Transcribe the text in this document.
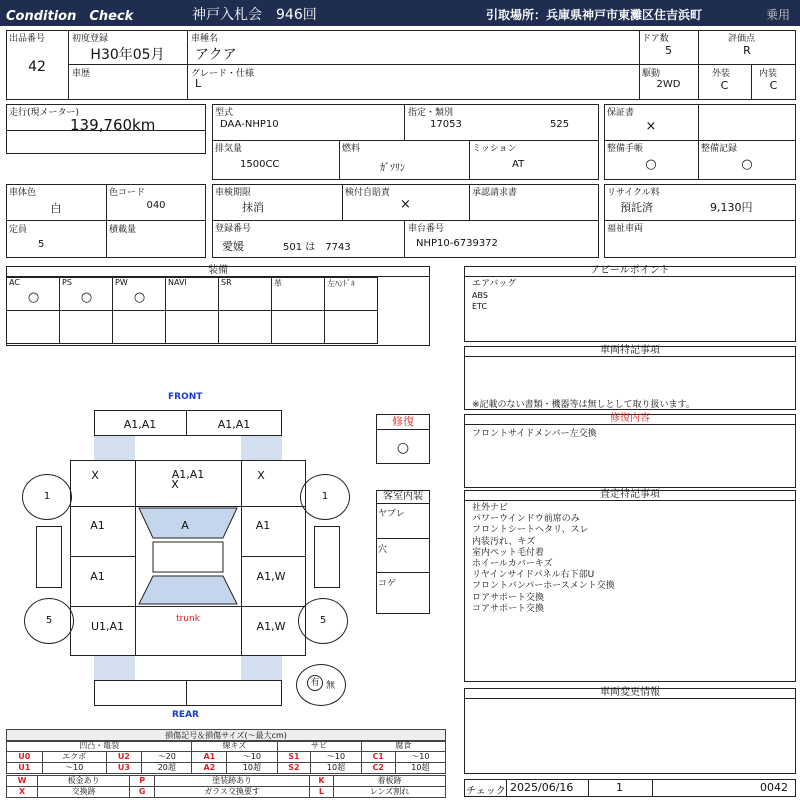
Condition　Check	神戸入札会　946回	引取場所：兵庫県神戸市東灘区住吉浜町	乗用
出品番号
42
初度登録
H30年05月
車種名
アクア
ドア数
5
評価点
R
車歴	グレード・仕様
L
駆動
2WD
外装
C
内装
C
走行(現メーター)
139,760km
型式
DAA-NHP10
指定・類別
17053	525
排気量
1500CC
燃料
ｶﾞｿﾘﾝ
ミッション
AT
保証書
×
整備手帳
○
整備記録
○
車体色
白
色コード
040
定員
5
積載量
車検期限
抹消
検付自賠責
×
承認請求書
登録番号
愛媛	501 は　7743
車台番号
NHP10-6739372
リサイクル料
預託済	9,130円
福祉車両
装備
AC
○
PS
○
PW
○
NAVI	SR	革	左ﾊﾝﾄﾞﾙ
アピールポイント
エアバッグ
ABS
ETC
車両特記事項
※記載のない書類・機器等は無しとして取り扱います。
修復内容
フロントサイドメンバー左交換
査定特記事項
社外ナビ
パワーウインドウ前席のみ
フロントシートヘタリ、スレ
内装汚れ、キズ
室内ペット毛付着
ホイールカバーキズ
リヤインサイドパネル右下部U
フロントバンパーホースメント交換
ロアサポート交換
コアサポート交換
車両変更情報
チェック 2025/06/16	1	0042
修復
○
客室内装
ヤブレ
穴
コゲ
FRONT
REAR
A1,A1	A1,A1
A1,A1
X
X	X
A1	A	A1
A1	A1,W
U1,A1
trunk
A1,W
1	1
5	5
有 無
損傷記号＆損傷サイズ(～最大cm)
凹凸・亀裂				線キズ		サビ		腐食	
U0	エクボ	U2	～20	A1	～10	S1	～10	C1	～10
U1	～10	U3	20超	A2	10超	S2	10超	C2	10超
W	板金あり	P	塗装跡あり	K	着板跡
X	交換跡	G	ガラス交換要す	L	レンズ割れ
